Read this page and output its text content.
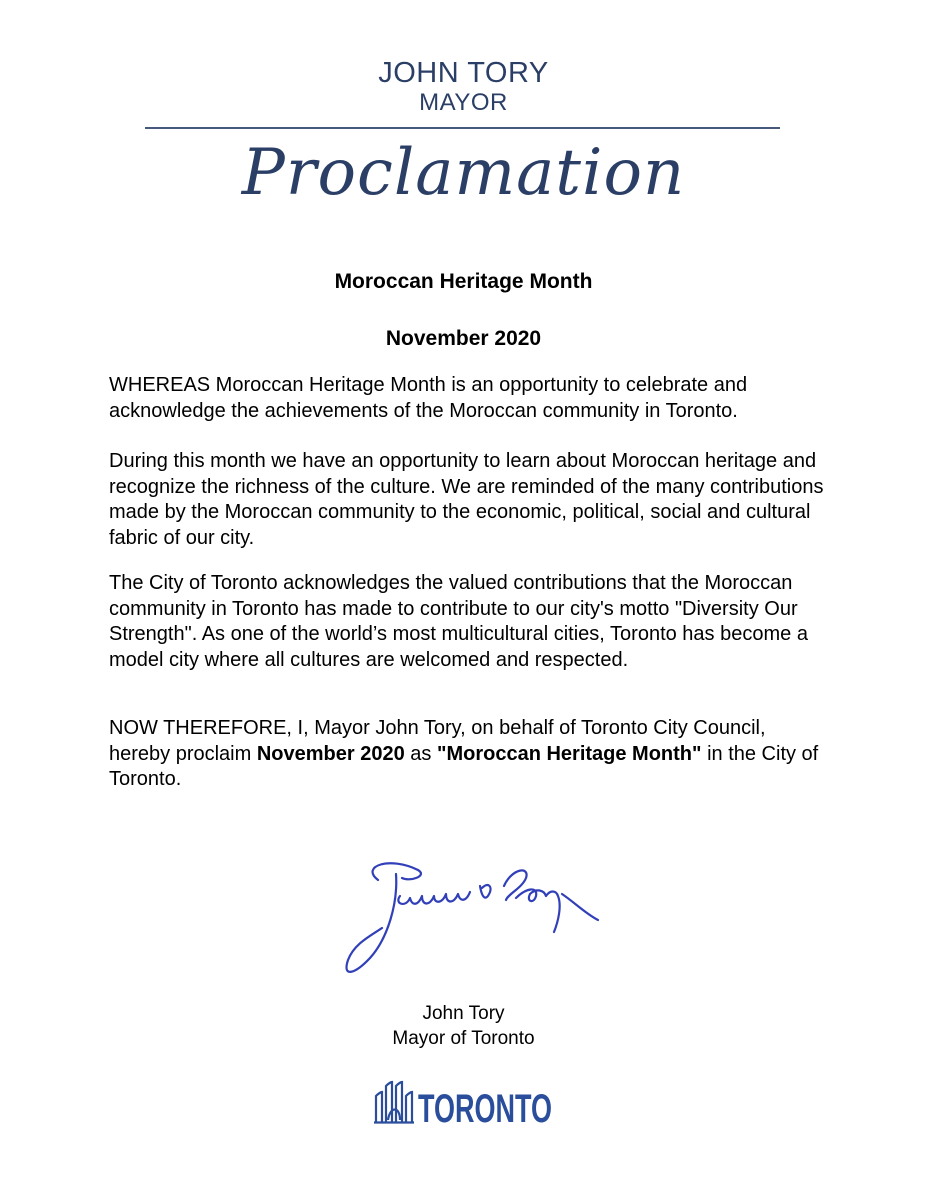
JOHN TORY
MAYOR
Proclamation
Moroccan Heritage Month
November 2020

WHEREAS Moroccan Heritage Month is an opportunity to celebrate and acknowledge the achievements of the Moroccan community in Toronto.

During this month we have an opportunity to learn about Moroccan heritage and recognize the richness of the culture. We are reminded of the many contributions made by the Moroccan community to the economic, political, social and cultural fabric of our city.

The City of Toronto acknowledges the valued contributions that the Moroccan community in Toronto has made to contribute to our city's motto "Diversity Our Strength". As one of the world’s most multicultural cities, Toronto has become a model city where all cultures are welcomed and respected.

NOW THEREFORE, I, Mayor John Tory, on behalf of Toronto City Council, hereby proclaim November 2020 as "Moroccan Heritage Month" in the City of Toronto.

John Tory
Mayor of Toronto
TORONTO
